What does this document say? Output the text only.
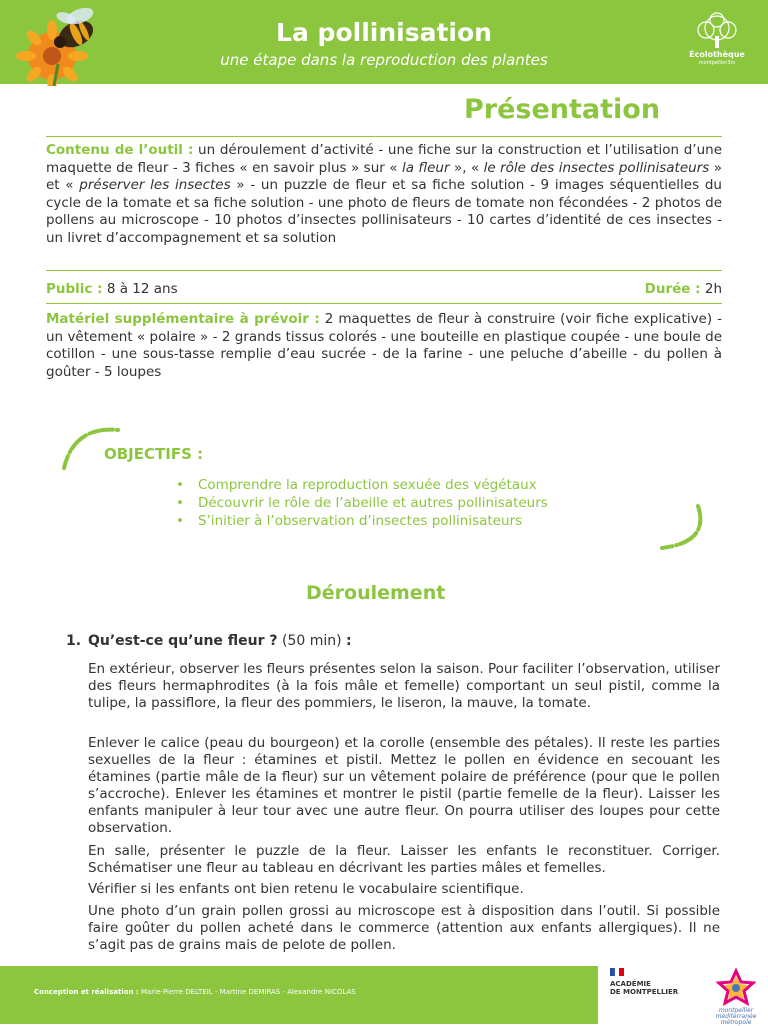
La pollinisation
une étape dans la reproduction des plantes	Écolothèque
montpellier3m
Présentation
Contenu de l’outil : un déroulement d’activité - une fiche sur la construction et l’utilisation d’une maquette de fleur - 3 fiches « en savoir plus » sur « la fleur », « le rôle des insectes pollinisateurs » et « préserver les insectes » - un puzzle de fleur et sa fiche solution - 9 images séquentielles du cycle de la tomate et sa fiche solution - une photo de fleurs de tomate non fécondées - 2 photos de pollens au microscope - 10 photos d’insectes pollinisateurs - 10 cartes d’identité de ces insectes - un livret d’accompagnement et sa solution
Public : 8 à 12 ans	Durée : 2h
Matériel supplémentaire à prévoir : 2 maquettes de fleur à construire (voir fiche explicative) - un vêtement « polaire » - 2 grands tissus colorés - une bouteille en plastique coupée - une boule de cotillon - une sous-tasse remplie d’eau sucrée - de la farine - une peluche d’abeille - du pollen à goûter - 5 loupes
OBJECTIFS :
• Comprendre la reproduction sexuée des végétaux
• Découvrir le rôle de l’abeille et autres pollinisateurs
• S’initier à l’observation d’insectes pollinisateurs
Déroulement
1. Qu’est-ce qu’une fleur ? (50 min) :

En extérieur, observer les fleurs présentes selon la saison. Pour faciliter l’observation, utiliser des fleurs hermaphrodites (à la fois mâle et femelle) comportant un seul pistil, comme la tulipe, la passiflore, la fleur des pommiers, le liseron, la mauve, la tomate.

Enlever le calice (peau du bourgeon) et la corolle (ensemble des pétales). Il reste les parties sexuelles de la fleur : étamines et pistil. Mettez le pollen en évidence en secouant les étamines (partie mâle de la fleur) sur un vêtement polaire de préférence (pour que le pollen s’accroche). Enlever les étamines et montrer le pistil (partie femelle de la fleur). Laisser les enfants manipuler à leur tour avec une autre fleur. On pourra utiliser des loupes pour cette observation.

En salle, présenter le puzzle de la fleur. Laisser les enfants le reconstituer. Corriger. Schématiser une fleur au tableau en décrivant les parties mâles et femelles.

Vérifier si les enfants ont bien retenu le vocabulaire scientifique.

Une photo d’un grain pollen grossi au microscope est à disposition dans l’outil. Si possible faire goûter du pollen acheté dans le commerce (attention aux enfants allergiques). Il ne s’agit pas de grains mais de pelote de pollen.

Conception et réalisation : Marie-Pierre DELTEIL - Martine DEMIRAS - Alexandre NICOLAS
ACADÉMIE
DE MONTPELLIER
montpellier
méditerranée
métropole
